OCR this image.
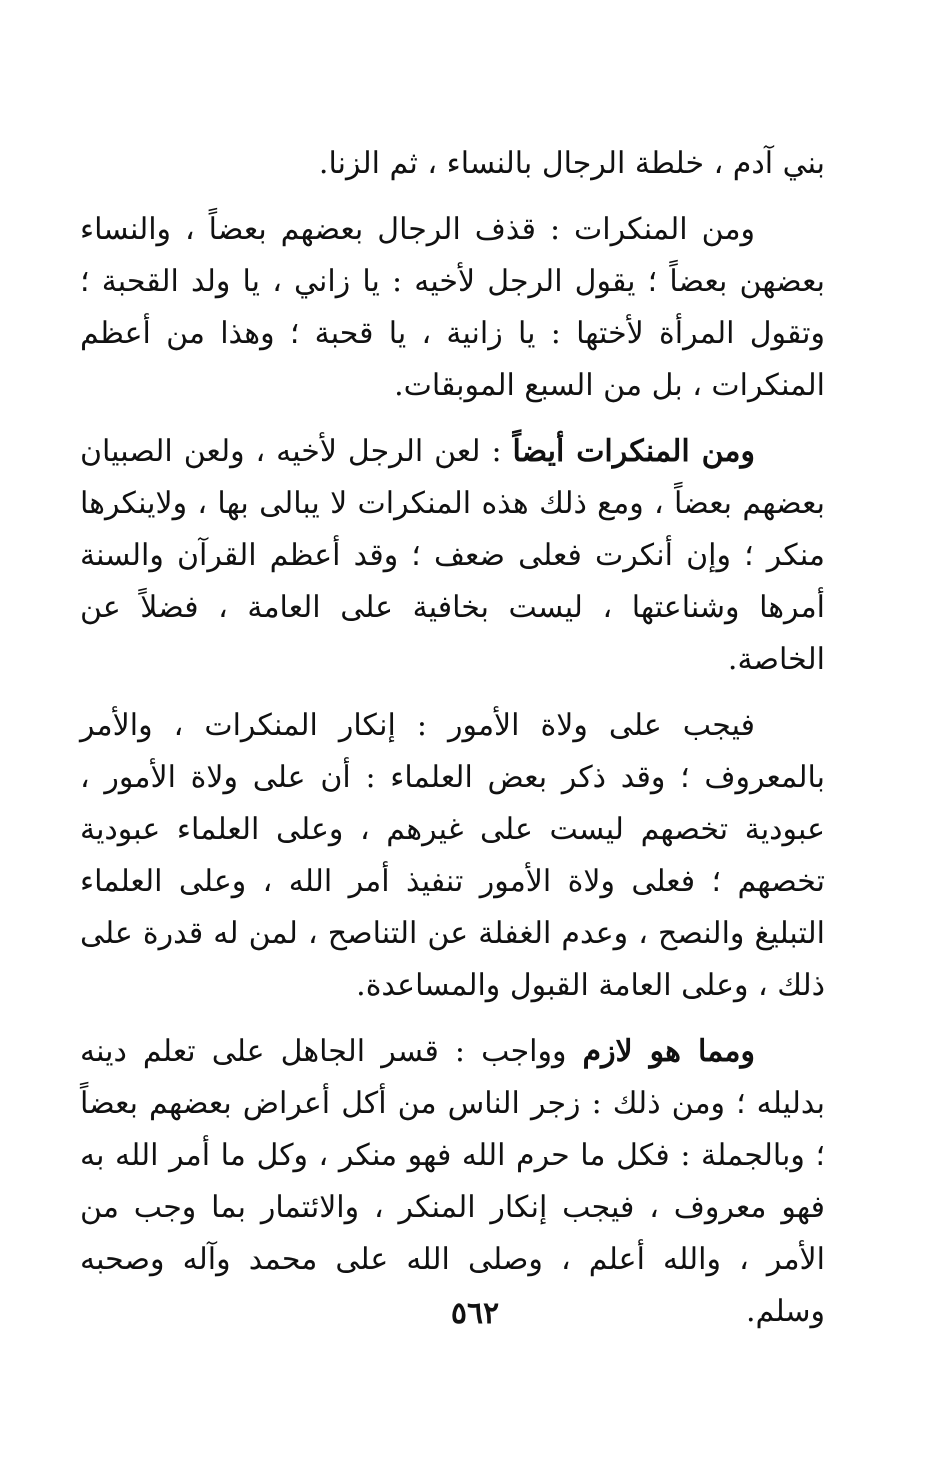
بني آدم ، خلطة الرجال بالنساء ، ثم الزنا.

ومن المنكرات : قذف الرجال بعضهم بعضاً ، والنساء بعضهن بعضاً ؛ يقول الرجل لأخيه : يا زاني ، يا ولد القحبة ؛ وتقول المرأة لأختها : يا زانية ، يا قحبة ؛ وهذا من أعظم المنكرات ، بل من السبع الموبقات.

ومن المنكرات أيضاً : لعن الرجل لأخيه ، ولعن الصبيان بعضهم بعضاً ، ومع ذلك هذه المنكرات لا يبالى بها ، ولاينكرها منكر ؛ وإن أنكرت فعلى ضعف ؛ وقد أعظم القرآن والسنة أمرها وشناعتها ، ليست بخافية على العامة ، فضلاً عن الخاصة.

فيجب على ولاة الأمور : إنكار المنكرات ، والأمر بالمعروف ؛ وقد ذكر بعض العلماء : أن على ولاة الأمور ، عبودية تخصهم ليست على غيرهم ، وعلى العلماء عبودية تخصهم ؛ فعلى ولاة الأمور تنفيذ أمر الله ، وعلى العلماء التبليغ والنصح ، وعدم الغفلة عن التناصح ، لمن له قدرة على ذلك ، وعلى العامة القبول والمساعدة.

ومما هو لازم وواجب : قسر الجاهل على تعلم دينه بدليله ؛ ومن ذلك : زجر الناس من أكل أعراض بعضهم بعضاً ؛ وبالجملة : فكل ما حرم الله فهو منكر ، وكل ما أمر الله به فهو معروف ، فيجب إنكار المنكر ، والائتمار بما وجب من الأمر ، والله أعلم ، وصلى الله على محمد وآله وصحبه وسلم.

٥٦٢
